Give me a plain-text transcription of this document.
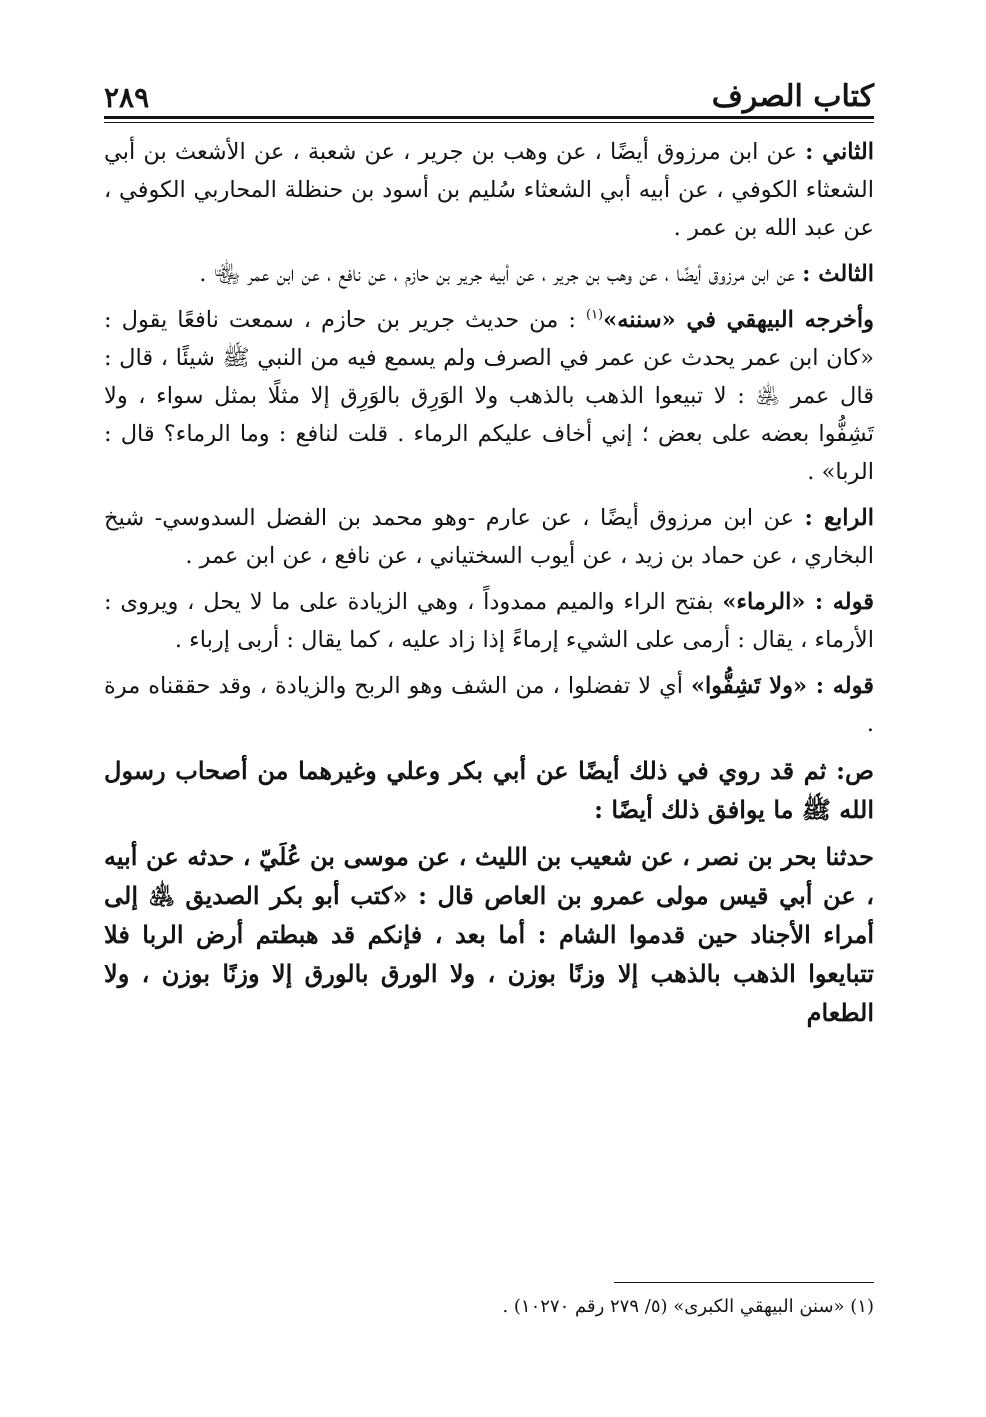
كتاب الصرف
٢٨٩

الثاني : عن ابن مرزوق أيضًا ، عن وهب بن جرير ، عن شعبة ، عن الأشعث بن أبي الشعثاء الكوفي ، عن أبيه أبي الشعثاء سُليم بن أسود بن حنظلة المحاربي الكوفي ، عن عبد الله بن عمر .

الثالث : عن ابن مرزوق أيضًا ، عن وهب بن جرير ، عن أبيه جرير بن حازم ، عن نافع ، عن ابن عمر ﵄ .

وأخرجه البيهقي في «سننه»$^{(١)}$ : من حديث جرير بن حازم ، سمعت نافعًا يقول : «كان ابن عمر يحدث عن عمر في الصرف ولم يسمع فيه من النبي ﷺ شيئًا ، قال : قال عمر ﵁ : لا تبيعوا الذهب بالذهب ولا الوَرِق بالوَرِق إلا مثلًا بمثل سواء ، ولا تَشِفُّوا بعضه على بعض ؛ إني أخاف عليكم الرماء . قلت لنافع : وما الرماء؟ قال : الربا» .

الرابع : عن ابن مرزوق أيضًا ، عن عارم -وهو محمد بن الفضل السدوسي- شيخ البخاري ، عن حماد بن زيد ، عن أيوب السختياني ، عن نافع ، عن ابن عمر .

قوله : «الرماء» بفتح الراء والميم ممدوداً ، وهي الزيادة على ما لا يحل ، ويروى : الأرماء ، يقال : أرمى على الشيء إرماءً إذا زاد عليه ، كما يقال : أربى إرباء .

قوله : «ولا تَشِفُّوا» أي لا تفضلوا ، من الشف وهو الربح والزيادة ، وقد حققناه مرة .

ص: ثم قد روي في ذلك أيضًا عن أبي بكر وعلي وغيرهما من أصحاب رسول الله ﷺ ما يوافق ذلك أيضًا :

حدثنا بحر بن نصر ، عن شعيب بن الليث ، عن موسى بن عُلَيّ ، حدثه عن أبيه ، عن أبي قيس مولى عمرو بن العاص قال : «كتب أبو بكر الصديق ﵁ إلى أمراء الأجناد حين قدموا الشام : أما بعد ، فإنكم قد هبطتم أرض الربا فلا تتبايعوا الذهب بالذهب إلا وزنًا بوزن ، ولا الورق بالورق إلا وزنًا بوزن ، ولا الطعام

(١) «سنن البيهقي الكبرى» (٥/ ٢٧٩ رقم ١٠٢٧٠) .
